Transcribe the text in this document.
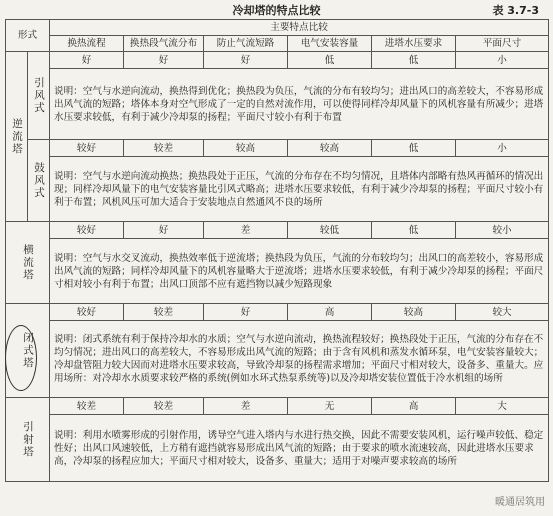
冷却塔的特点比较	表 3.7-3
形式		主要特点比较					
		换热流程	换热段气流分布	防止气流短路	电气安装容量	进塔水压要求	平面尺寸
逆流塔	引风式	好	好	好	低	低	小
		说明：空气与水逆向流动，换热得到优化；换热段为负压，气流的分布有较均匀；进出风口的高差较大，不容易形成出风气流的短路；塔体本身对空气形成了一定的自然对流作用，可以使得同样冷却风量下的风机容量有所减少；进塔水压要求较低，有利于减少冷却泵的扬程；平面尺寸较小有利于布置					
	鼓风式	较好	较差	较高	较高	低	小
		说明：空气与水逆向流动换热；换热段处于正压，气流的分布存在不均匀情况，且塔体内部略有热风再循环的情况出现；同样冷却风量下的电气安装容量比引风式略高；进塔水压要求较低，有利于减少冷却泵的扬程；平面尺寸较小有利于布置；风机风压可加大适合于安装地点自然通风不良的场所					
横流塔		较好	好	差	较低	低	较小
		说明：空气与水交叉流动，换热效率低于逆流塔；换热段为负压，气流的分布较均匀；出风口的高差较小，容易形成出风气流的短路；同样冷却风量下的风机容量略大于逆流塔；进塔水压要求较低，有利于减少冷却泵的扬程；平面尺寸相对较小有利于布置；出风口顶部不应有遮挡物以减少短路现象					
闭式塔		较好	较差	好	高	较高	较大
		说明：闭式系统有利于保持冷却水的水质；空气与水逆向流动，换热流程较好；换热段处于正压，气流的分布存在不均匀情况；进出风口的高差较大，不容易形成出风气流的短路；由于含有风机和蒸发水循环泵，电气安装容量较大；冷却盘管阻力较大因而对进塔水压要求较高，导致冷却泵的扬程需求增加；平面尺寸相对较大，设备多、重量大。应用场所：对冷却水水质要求较严格的系统(例如水环式热泵系统等)以及冷却塔安装位置低于冷水机组的场所					
引射塔		较差	较差	差	无	高	大
		说明：利用水喷雾形成的引射作用，诱导空气进入塔内与水进行热交换，因此不需要安装风机，运行噪声较低、稳定性好；出风口风速较低，上方稍有遮挡就容易形成出风气流的短路；由于要求的喷水流速较高，因此进塔水压要求高，冷却泵的扬程应加大；平面尺寸相对较大，设备多、重量大；适用于对噪声要求较高的场所					
暖通居筑用
